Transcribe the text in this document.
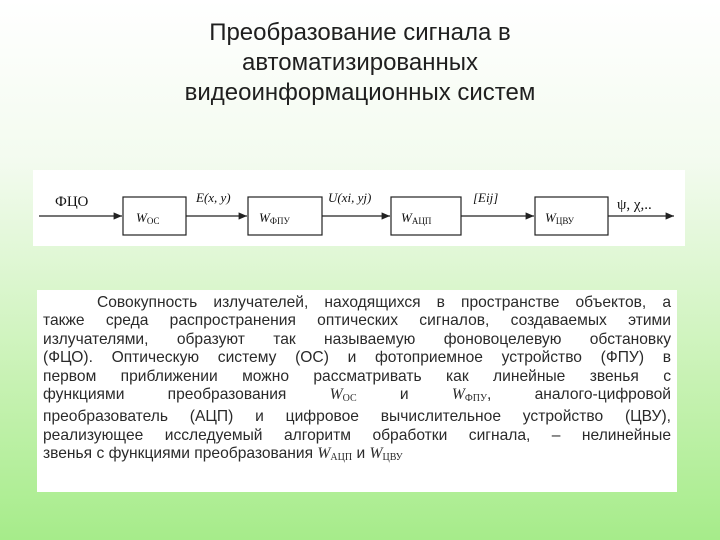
Преобразование сигнала в
автоматизированных
видеоинформационных систем
ФЦО
WОС
E(x, y)
WФПУ
U(xi, yj)
WАЦП
[Eij]
WЦВУ
ψ, χ,..
Совокупность излучателей, находящихся в пространстве объектов, а
также среда распространения оптических сигналов, создаваемых этими
излучателями, образуют так называемую фоновоцелевую обстановку
(ФЦО). Оптическую систему (ОС) и фотоприемное устройство (ФПУ) в
первом приближении можно рассматривать как линейные звенья с
функциями преобразования	$W_{ОС}$	и	$W_{ФПУ}$, аналого-цифровой
преобразователь (АЦП) и цифровое вычислительное устройство (ЦВУ),
реализующее исследуемый алгоритм обработки сигнала, – нелинейные
звенья с функциями преобразования $W_{АЦП}$ и $W_{ЦВУ}$
